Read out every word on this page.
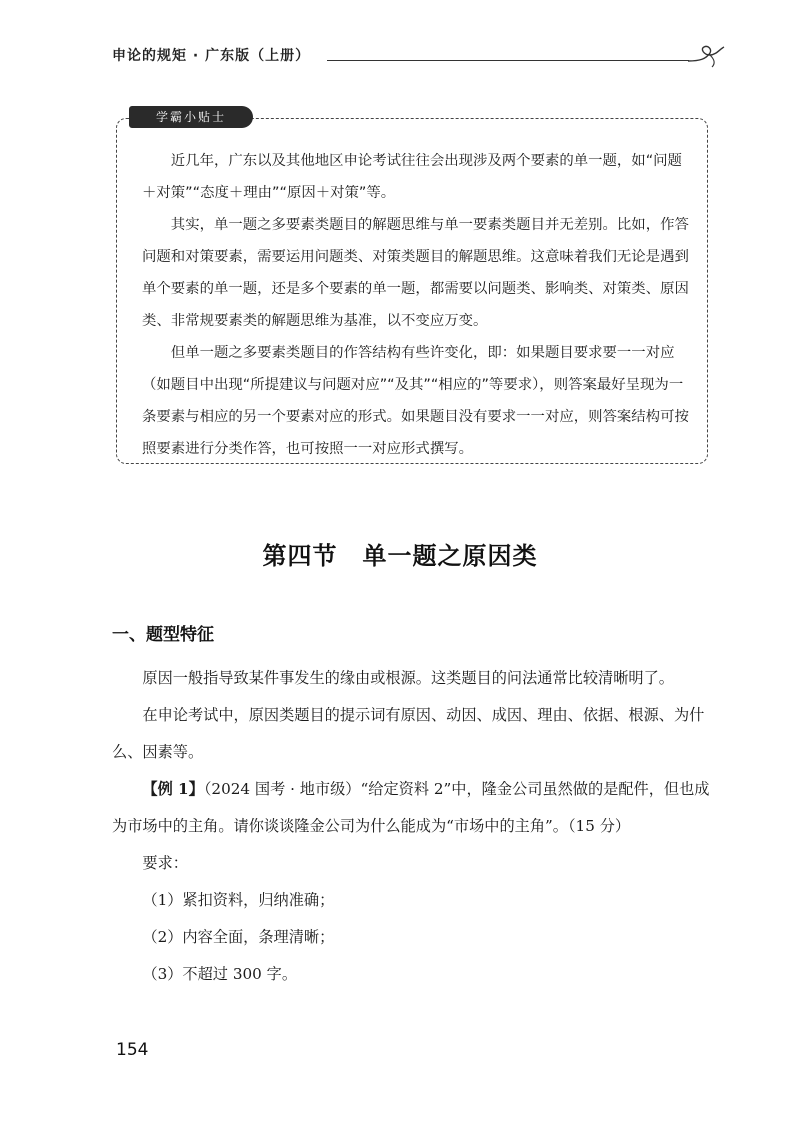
申论的规矩 · 广东版（上册）
学霸小贴士

近几年，广东以及其他地区申论考试往往会出现涉及两个要素的单一题，如“问题＋对策”“态度＋理由”“原因＋对策”等。

其实，单一题之多要素类题目的解题思维与单一要素类题目并无差别。比如，作答问题和对策要素，需要运用问题类、对策类题目的解题思维。这意味着我们无论是遇到单个要素的单一题，还是多个要素的单一题，都需要以问题类、影响类、对策类、原因类、非常规要素类的解题思维为基准，以不变应万变。

但单一题之多要素类题目的作答结构有些许变化，即：如果题目要求要一一对应（如题目中出现“所提建议与问题对应”“及其”“相应的”等要求），则答案最好呈现为一条要素与相应的另一个要素对应的形式。如果题目没有要求一一对应，则答案结构可按照要素进行分类作答，也可按照一一对应形式撰写。

第四节　单一题之原因类
一、题型特征

原因一般指导致某件事发生的缘由或根源。这类题目的问法通常比较清晰明了。

在申论考试中，原因类题目的提示词有原因、动因、成因、理由、依据、根源、为什么、因素等。

【例 1】（2024 国考 · 地市级）“给定资料 2”中，隆金公司虽然做的是配件，但也成为市场中的主角。请你谈谈隆金公司为什么能成为“市场中的主角”。（15 分）

要求：

（1）紧扣资料，归纳准确；

（2）内容全面，条理清晰；

（3）不超过 300 字。

154
